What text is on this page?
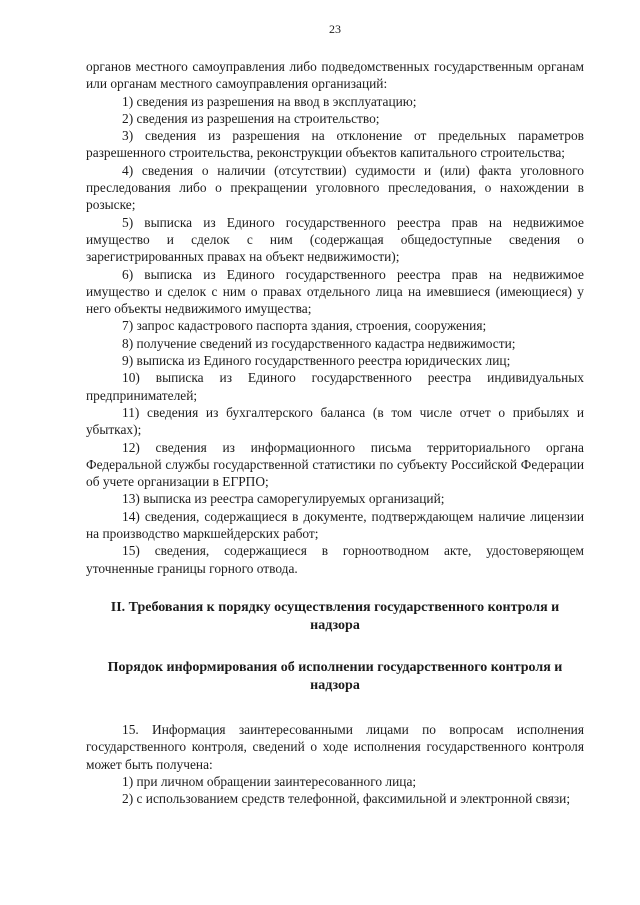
23

органов местного самоуправления либо подведомственных государственным органам или органам местного самоуправления организаций:

1) сведения из разрешения на ввод в эксплуатацию;

2) сведения из разрешения на строительство;

3) сведения из разрешения на отклонение от предельных параметров разрешенного строительства, реконструкции объектов капитального строительства;

4) сведения о наличии (отсутствии) судимости и (или) факта уголовного преследования либо о прекращении уголовного преследования, о нахождении в розыске;

5) выписка из Единого государственного реестра прав на недвижимое имущество и сделок с ним (содержащая общедоступные сведения о зарегистрированных правах на объект недвижимости);

6) выписка из Единого государственного реестра прав на недвижимое имущество и сделок с ним о правах отдельного лица на имевшиеся (имеющиеся) у него объекты недвижимого имущества;

7) запрос кадастрового паспорта здания, строения, сооружения;

8) получение сведений из государственного кадастра недвижимости;

9) выписка из Единого государственного реестра юридических лиц;

10) выписка из Единого государственного реестра индивидуальных предпринимателей;

11) сведения из бухгалтерского баланса (в том числе отчет о прибылях и убытках);

12) сведения из информационного письма территориального органа Федеральной службы государственной статистики по субъекту Российской Федерации об учете организации в ЕГРПО;

13) выписка из реестра саморегулируемых организаций;

14) сведения, содержащиеся в документе, подтверждающем наличие лицензии на производство маркшейдерских работ;

15) сведения, содержащиеся в горноотводном акте, удостоверяющем уточненные границы горного отвода.

II. Требования к порядку осуществления государственного контроля и надзора
Порядок информирования об исполнении государственного контроля и надзора

15. Информация заинтересованными лицами по вопросам исполнения государственного контроля, сведений о ходе исполнения государственного контроля может быть получена:

1) при личном обращении заинтересованного лица;

2) с использованием средств телефонной, факсимильной и электронной связи;
